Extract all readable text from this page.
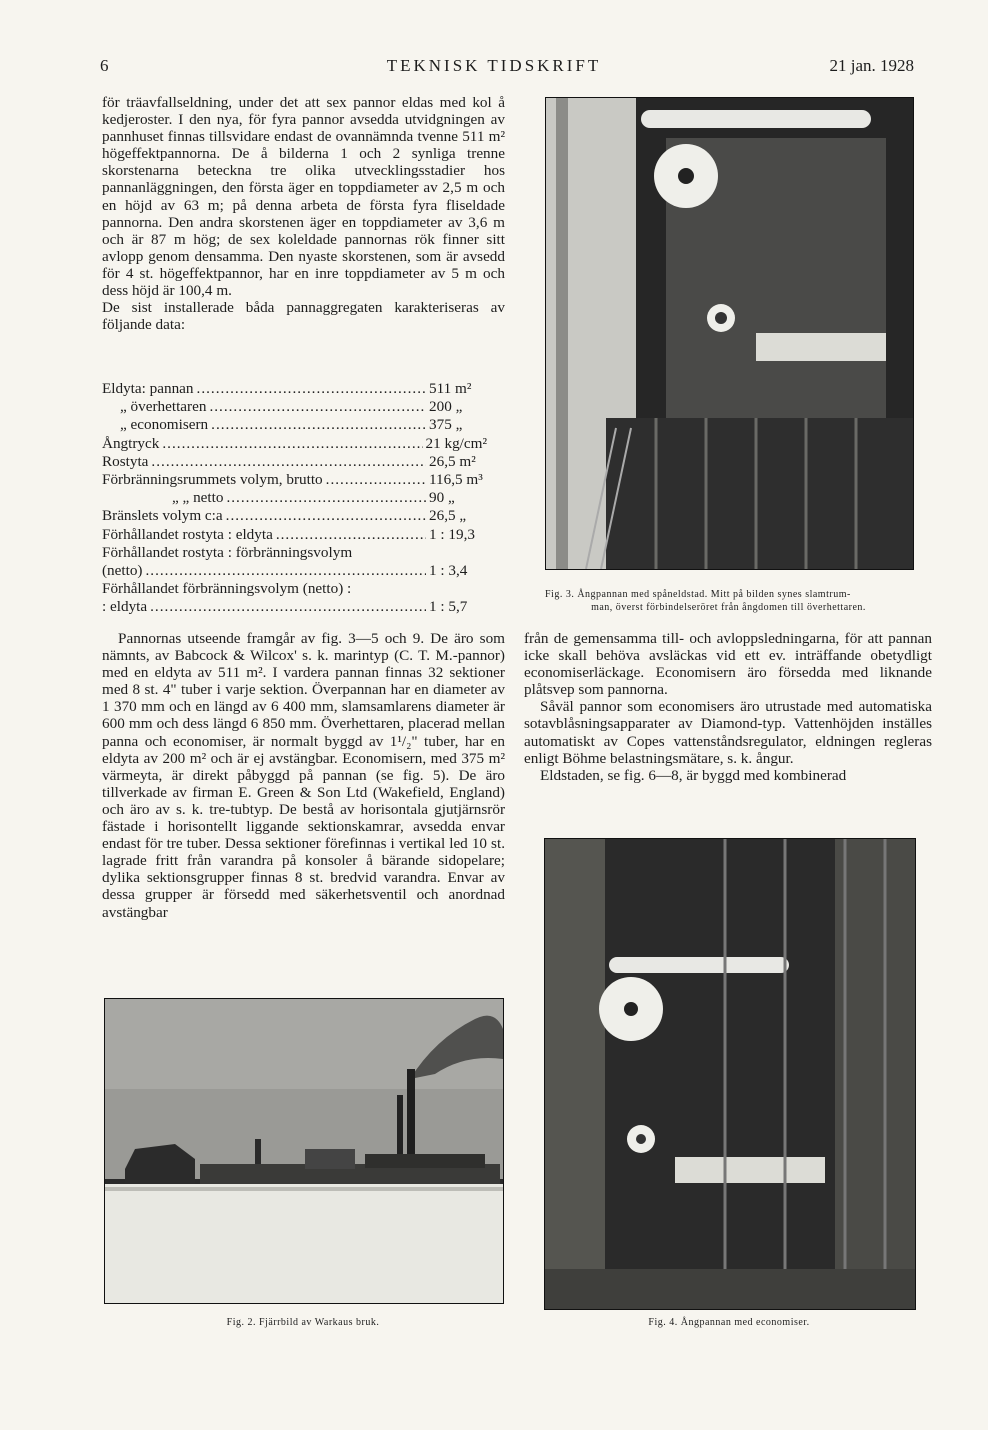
6	TEKNISK TIDSKRIFT	21 jan. 1928

för träavfallseldning, under det att sex pannor eldas med kol å kedjeroster. I den nya, för fyra pannor avsedda utvidgningen av pannhuset finnas tillsvidare endast de ovannämnda tvenne 511 m² högeffektpannorna. De å bilderna 1 och 2 synliga trenne skorstenarna beteckna tre olika utvecklingsstadier hos pannanläggningen, den första äger en toppdiameter av 2,5 m och en höjd av 63 m; på denna arbeta de första fyra fliseldade pannorna. Den andra skorstenen äger en toppdiameter av 3,6 m och är 87 m hög; de sex koleldade pannornas rök finner sitt avlopp genom densamma. Den nyaste skorstenen, som är avsedd för 4 st. högeffektpannor, har en inre toppdiameter av 5 m och dess höjd är 100,4 m.

De sist installerade båda pannaggregaten karakteriseras av följande data:

Eldyta: pannan .....	511 m²
„ överhettaren .....	200 „
„ economisern .....	375 „
Ångtryck .....	21 kg/cm²
Rostyta .....	26,5 m²
Förbränningsrummets volym, brutto .....	116,5 m³
„ „ netto .....	90 „
Bränslets volym c:a .....	26,5 „
Förhållandet rostyta : eldyta .....	1 : 19,3
Förhållandet rostyta : förbränningsvolym
(netto) .....	1 : 3,4
Förhållandet förbränningsvolym (netto) :
: eldyta .....	1 : 5,7

Pannornas utseende framgår av fig. 3—5 och 9. De äro som nämnts, av Babcock & Wilcox' s. k. marintyp (C. T. M.-pannor) med en eldyta av 511 m². I vardera pannan finnas 32 sektioner med 8 st. 4" tuber i varje sektion. Överpannan har en diameter av 1 370 mm och en längd av 6 400 mm, slamsamlarens diameter är 600 mm och dess längd 6 850 mm. Överhettaren, placerad mellan panna och economiser, är normalt byggd av 1¹/₂" tuber, har en eldyta av 200 m² och är ej avstängbar. Economisern, med 375 m² värmeyta, är direkt påbyggd på pannan (se fig. 5). De äro tillverkade av firman E. Green & Son Ltd (Wakefield, England) och äro av s. k. tre-tubtyp. De bestå av horisontala gjutjärnsrör fästade i horisontellt liggande sektionskamrar, avsedda envar endast för tre tuber. Dessa sektioner förefinnas i vertikal led 10 st. lagrade fritt från varandra på konsoler å bärande sidopelare; dylika sektionsgrupper finnas 8 st. bredvid varandra. Envar av dessa grupper är försedd med säkerhetsventil och anordnad avstängbar

från de gemensamma till- och avloppsledningarna, för att pannan icke skall behöva avsläckas vid ett ev. inträffande obetydligt economiserläckage. Economisern äro försedda med liknande plåtsvep som pannorna.

Såväl pannor som economisers äro utrustade med automatiska sotavblåsningsapparater av Diamond-typ. Vattenhöjden inställes automatiskt av Copes vattenståndsregulator, eldningen regleras enligt Böhme belastningsmätare, s. k. ångur.

Eldstaden, se fig. 6—8, är byggd med kombinerad

Fig. 3. Ångpannan med spåneldstad. Mitt på bilden synes slamtrum-
man, överst förbindelseröret från ångdomen till överhettaren.
Fig. 4. Ångpannan med economiser.
Fig. 2. Fjärrbild av Warkaus bruk.
